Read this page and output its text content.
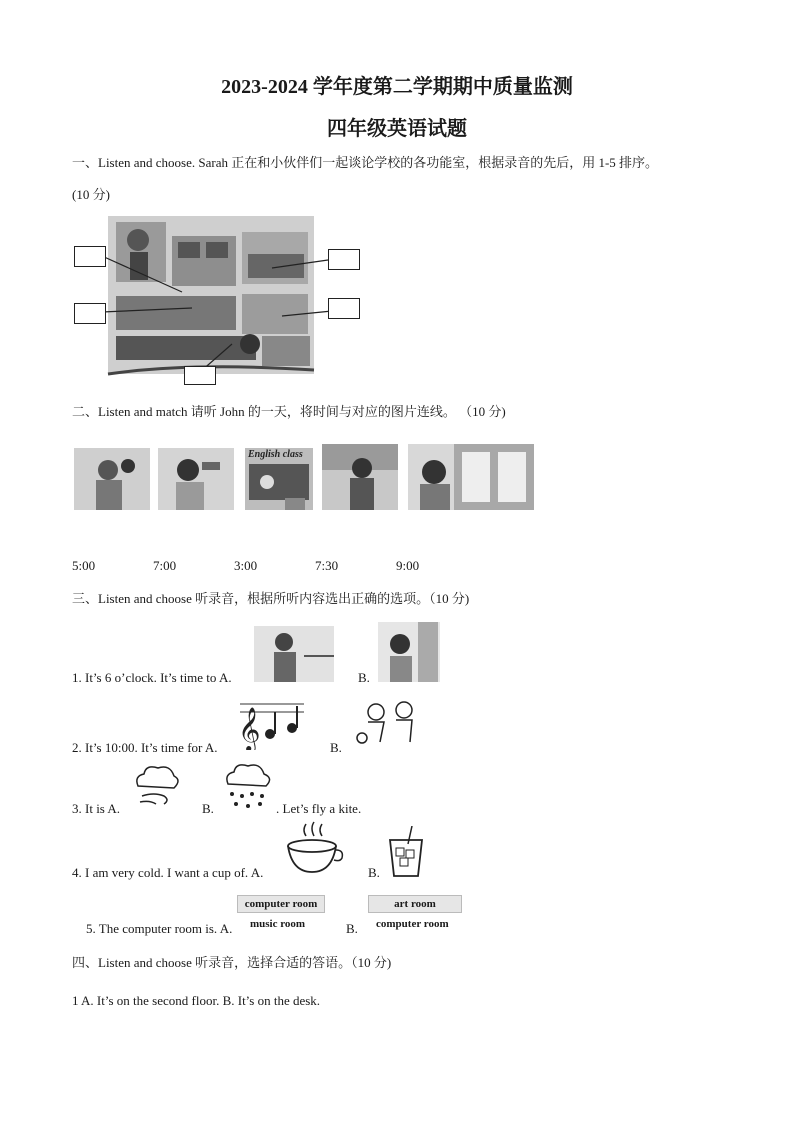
2023-2024 学年度第二学期期中质量监测
四年级英语试题
一、Listen and choose. Sarah 正在和小伙伴们一起谈论学校的各功能室，根据录音的先后，用 1-5 排序。
(10 分)
二、Listen and match 请听 John 的一天，将时间与对应的图片连线。 （10 分)
English class
5:00	7:00	3:00	7:30	9:00
三、Listen and choose 听录音，根据所听内容选出正确的选项。（10 分)
1. It’s 6 o’clock. It’s time to A.	B.
2. It’s 10:00. It’s time for A. 𝄞	B.
3. It is A.	B.	. Let’s fly a kite.
4. I am very cold. I want a cup of. A.	B.
5. The computer room is. A.
computer room
music room	B.
art room
computer room
四、Listen and choose 听录音，选择合适的答语。（10 分)
1 A. It’s on the second floor. B. It’s on the desk.
